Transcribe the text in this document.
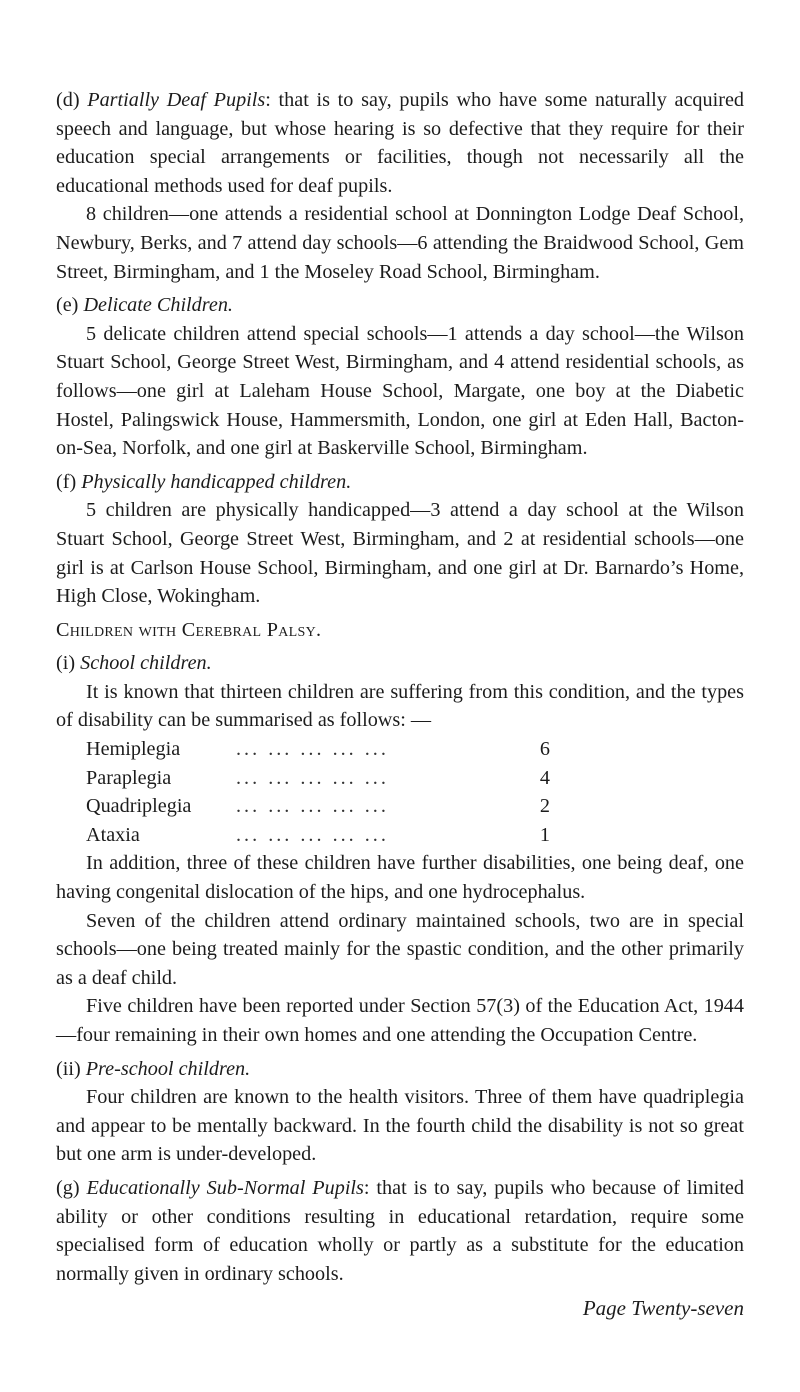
(d) Partially Deaf Pupils: that is to say, pupils who have some naturally acquired speech and language, but whose hearing is so defective that they require for their education special arrangements or facilities, though not necessarily all the educational methods used for deaf pupils.

8 children—one attends a residential school at Donnington Lodge Deaf School, Newbury, Berks, and 7 attend day schools—6 attending the Braidwood School, Gem Street, Birmingham, and 1 the Moseley Road School, Birmingham.

(e) Delicate Children.

5 delicate children attend special schools—1 attends a day school—the Wilson Stuart School, George Street West, Birmingham, and 4 attend residential schools, as follows—one girl at Laleham House School, Margate, one boy at the Diabetic Hostel, Palingswick House, Hammersmith, London, one girl at Eden Hall, Bacton-on-Sea, Norfolk, and one girl at Baskerville School, Birmingham.

(f) Physically handicapped children.

5 children are physically handicapped—3 attend a day school at the Wilson Stuart School, George Street West, Birmingham, and 2 at residential schools—one girl is at Carlson House School, Birmingham, and one girl at Dr. Barnardo’s Home, High Close, Wokingham.

Children with Cerebral Palsy.

(i) School children.

It is known that thirteen children are suffering from this condition, and the types of disability can be summarised as follows: —

Hemiplegia	... ... ... ... ...	6
Paraplegia	... ... ... ... ...	4
Quadriplegia	... ... ... ... ...	2
Ataxia	... ... ... ... ...	1

In addition, three of these children have further disabilities, one being deaf, one having congenital dislocation of the hips, and one hydrocephalus.

Seven of the children attend ordinary maintained schools, two are in special schools—one being treated mainly for the spastic condition, and the other primarily as a deaf child.

Five children have been reported under Section 57(3) of the Education Act, 1944—four remaining in their own homes and one attending the Occupation Centre.

(ii) Pre-school children.

Four children are known to the health visitors. Three of them have quadriplegia and appear to be mentally backward. In the fourth child the disability is not so great but one arm is under-developed.

(g) Educationally Sub-Normal Pupils: that is to say, pupils who because of limited ability or other conditions resulting in educational retardation, require some specialised form of education wholly or partly as a substitute for the education normally given in ordinary schools.

Page Twenty-seven
